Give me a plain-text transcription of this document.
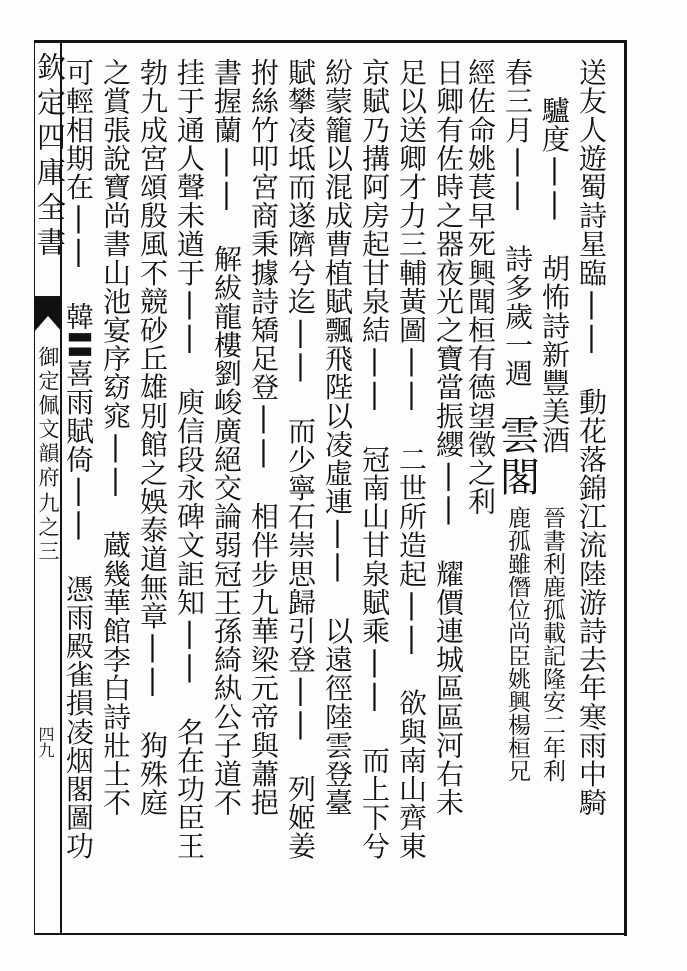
欽定四庫全書
御定佩文韻府
九之三
四九	送友人遊蜀詩星臨|| 動花落錦江流陸游詩去年寒雨中騎
驢度|| 胡怖詩新豐美酒
春三月|| 詩多歲一週
雲
閣
晉書利鹿孤載記隆安二年利
鹿孤雖僭位尚臣姚興楊桓兄
經佐命姚萇早死興聞桓有德望徵之利
日卿有佐時之器夜光之寶當振纓|| 耀價連城區區河右未
足以送卿才力三輔黃圖|| 二世所造起|| 欲與南山齊東
京賦乃搆阿房起甘泉結|| 冠南山甘泉賦乘|| 而上下兮
紛蒙籠以混成曹植賦飄飛陛以凌虛連|| 以遠徑陸雲登臺
賦攀凌坻而遂隮兮迄|| 而少寧石崇思歸引登|| 列姬姜
拊絲竹叩宮商秉據詩矯足登|| 相伴步九華梁元帝與蕭挹
書握蘭|| 解紱龍樓劉峻廣絕交論弱冠王孫綺紈公子道不
挂于通人聲未遒于|| 庾信段永碑文詎知|| 名在功臣王
勃九成宮頌殷風不競砂丘雄別館之娛泰道無章|| 狗殊庭
之賞張說寶尚書山池宴序窈窕|| 蔵幾華館李白詩壯士不
可輕相期在|| 韓〓喜雨賦倚|| 憑雨殿雀損凌烟閣圖功
